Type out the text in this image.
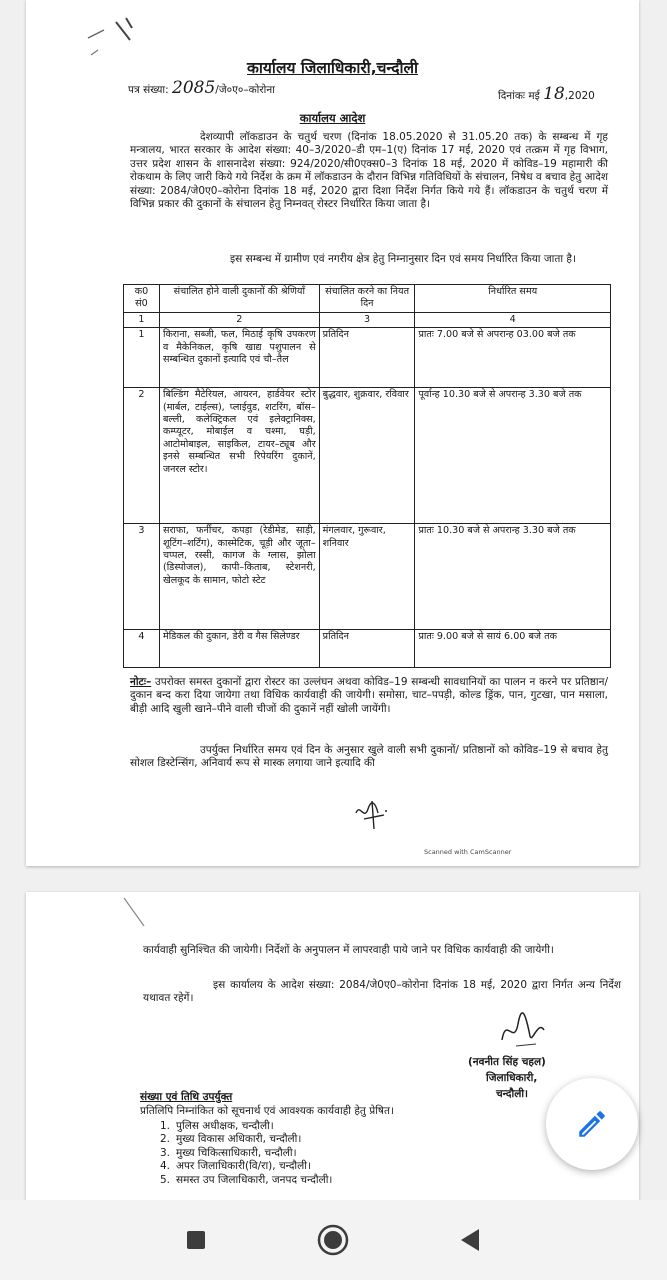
कार्यालय जिलाधिकारी,चन्दौली
पत्र संख्या: 2085/जे०ए०–कोरोना	दिनांकः मई 18,2020
कार्यालय आदेश
देशव्यापी लॉकडाउन के चतुर्थ चरण (दिनांक 18.05.2020 से 31.05.20 तक) के सम्बन्ध में गृह मन्त्रालय, भारत सरकार के आदेश संख्या: 40–3/2020–डी एम–1(ए) दिनांक 17 मई, 2020 एवं तत्क्रम में गृह विभाग, उत्तर प्रदेश शासन के शासनादेश संख्या: 924/2020/सी0एक्स0–3 दिनांक 18 मई, 2020 में कोविड–19 महामारी की रोकथाम के लिए जारी किये गये निर्देश के क्रम में लॉकडाउन के दौरान विभिन्न गतिविधियों के संचालन, निषेध व बचाव हेतु आदेश संख्या: 2084/जे0ए0–कोरोना दिनांक 18 मई, 2020 द्वारा दिशा निर्देश निर्गत किये गये हैं। लॉकडाउन के चतुर्थ चरण में विभिन्न प्रकार की दुकानों के संचालन हेतु निम्नवत् रोस्टर निर्धारित किया जाता है।
इस सम्बन्ध में ग्रामीण एवं नगरीय क्षेत्र हेतु निम्नानुसार दिन एवं समय निर्धारित किया जाता है।
क0 सं0	संचालित होने वाली दुकानों की श्रेणियाँ	संचालित करने का नियत दिन	निर्धारित समय
1	2	3	4
1	किराना, सब्जी, फल, मिठाई कृषि उपकरण व मैकेनिकल, कृषि खाद्य पशुपालन से सम्बन्धित दुकानों इत्यादि एवं चौ–तैल	प्रतिदिन	प्रातः 7.00 बजे से अपरान्ह 03.00 बजे तक
2	बिल्डिंग मैटेरियल, आयरन, हार्डवेयर स्टोर (मार्बल, टाईल्स), प्लाईवुड, शटरिंग, बॉस–बल्ली, कलेक्ट्रिकल एवं इलेक्ट्रानिक्स, कम्प्यूटर, मोबाईल व चश्मा, घड़ी, आटोमोबाइल, साइकिल, टायर–ट्यूब और इनसे सम्बन्धित सभी रिपेयरिंग दुकानें, जनरल स्टोर।	बुद्धवार, शुक्रवार, रविवार	पूर्वान्ह 10.30 बजे से अपरान्ह 3.30 बजे तक
3	सराफा, फर्नीचर, कपड़ा (रेडीमेड, साड़ी, शूटिंग–शर्टिंग), कास्मेटिक, चूड़ी और जूता–चप्पल, रस्सी, कागज के ग्लास, झोला (डिस्पोजल), कापी–किताब, स्टेशनरी, खेलकूद के सामान, फोटो स्टेट	मंगलवार, गुरूवार, शनिवार	प्रातः 10.30 बजे से अपरान्ह 3.30 बजे तक
4	मेडिकल की दुकान, डेरी व गैस सिलेण्डर	प्रतिदिन	प्रातः 9.00 बजे से सायं 6.00 बजे तक
नोटः– उपरोक्त समस्त दुकानों द्वारा रोस्टर का उल्लंघन अथवा कोविड–19 सम्बन्धी सावधानियों का पालन न करने पर प्रतिष्ठान/दुकान बन्द करा दिया जायेगा तथा विधिक कार्यवाही की जायेगी। समोसा, चाट–पपड़ी, कोल्ड ड्रिंक, पान, गुटखा, पान मसाला, बीड़ी आदि खुली खाने–पीने वाली चीजों की दुकानें नहीं खोली जायेंगी।
उपर्युक्त निर्धारित समय एवं दिन के अनुसार खुले वाली सभी दुकानों/ प्रतिष्ठानों को कोविड–19 से बचाव हेतु सोशल डिस्टेन्सिंग, अनिवार्य रूप से मास्क लगाया जाने इत्यादि की
Scanned with CamScanner
कार्यवाही सुनिश्चित की जायेगी। निर्देशों के अनुपालन में लापरवाही पाये जाने पर विधिक कार्यवाही की जायेगी।
इस कार्यालय के आदेश संख्या: 2084/जे0ए0–कोरोना दिनांक 18 मई, 2020 द्वारा निर्गत अन्य निर्देश यथावत रहेगें।
(नवनीत सिंह चहल)
जिलाधिकारी,
चन्दौली।
संख्या एवं तिथि उपर्युक्त
प्रतिलिपि निम्नांकित को सूचनार्थ एवं आवश्यक कार्यवाही हेतु प्रेषित।
1. पुलिस अधीक्षक, चन्दौली।
2. मुख्य विकास अधिकारी, चन्दौली।
3. मुख्य चिकित्साधिकारी, चन्दौली।
4. अपर जिलाधिकारी(वि/रा), चन्दौली।
5. समस्त उप जिलाधिकारी, जनपद चन्दौली।
